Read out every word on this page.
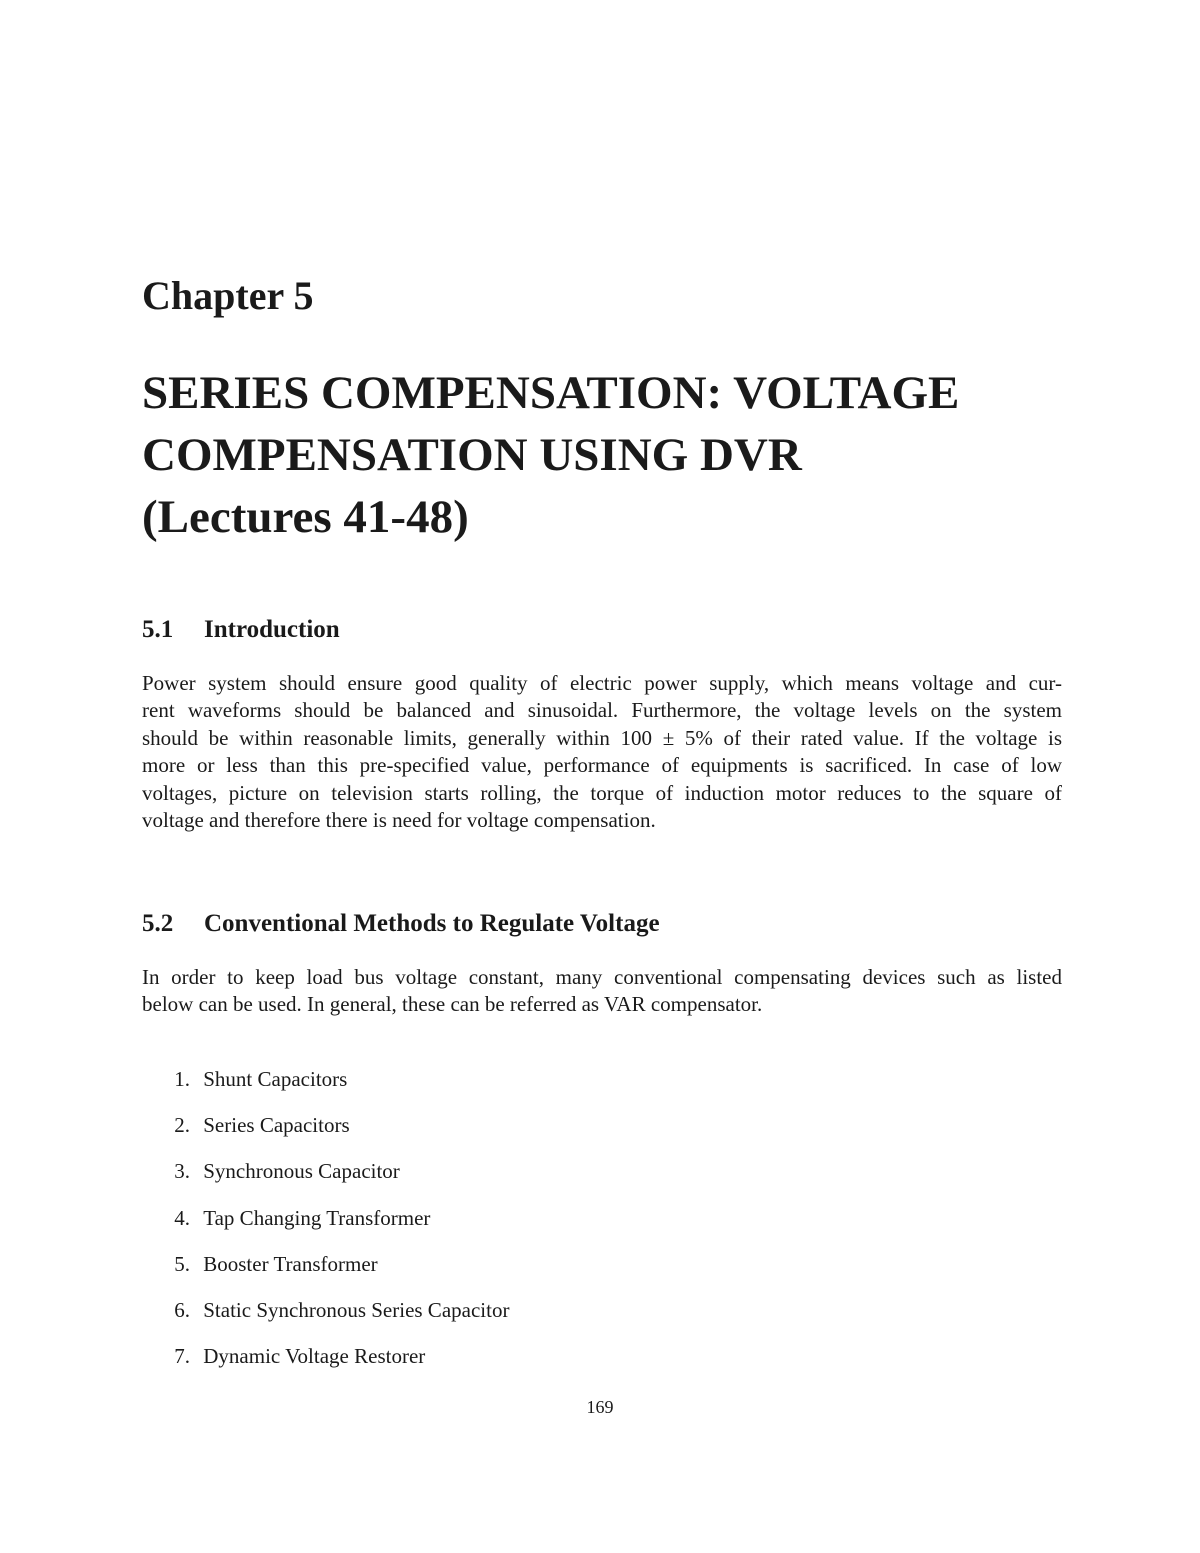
Chapter 5
SERIES COMPENSATION: VOLTAGE
COMPENSATION USING DVR
(Lectures 41-48)
5.1 Introduction
Power system should ensure good quality of electric power supply, which means voltage and cur-
rent waveforms should be balanced and sinusoidal. Furthermore, the voltage levels on the system
should be within reasonable limits, generally within 100 ± 5% of their rated value. If the voltage is
more or less than this pre-specified value, performance of equipments is sacrificed. In case of low
voltages, picture on television starts rolling, the torque of induction motor reduces to the square of
voltage and therefore there is need for voltage compensation.
5.2 Conventional Methods to Regulate Voltage
In order to keep load bus voltage constant, many conventional compensating devices such as listed
below can be used. In general, these can be referred as VAR compensator.
1. Shunt Capacitors
2. Series Capacitors
3. Synchronous Capacitor
4. Tap Changing Transformer
5. Booster Transformer
6. Static Synchronous Series Capacitor
7. Dynamic Voltage Restorer
169
